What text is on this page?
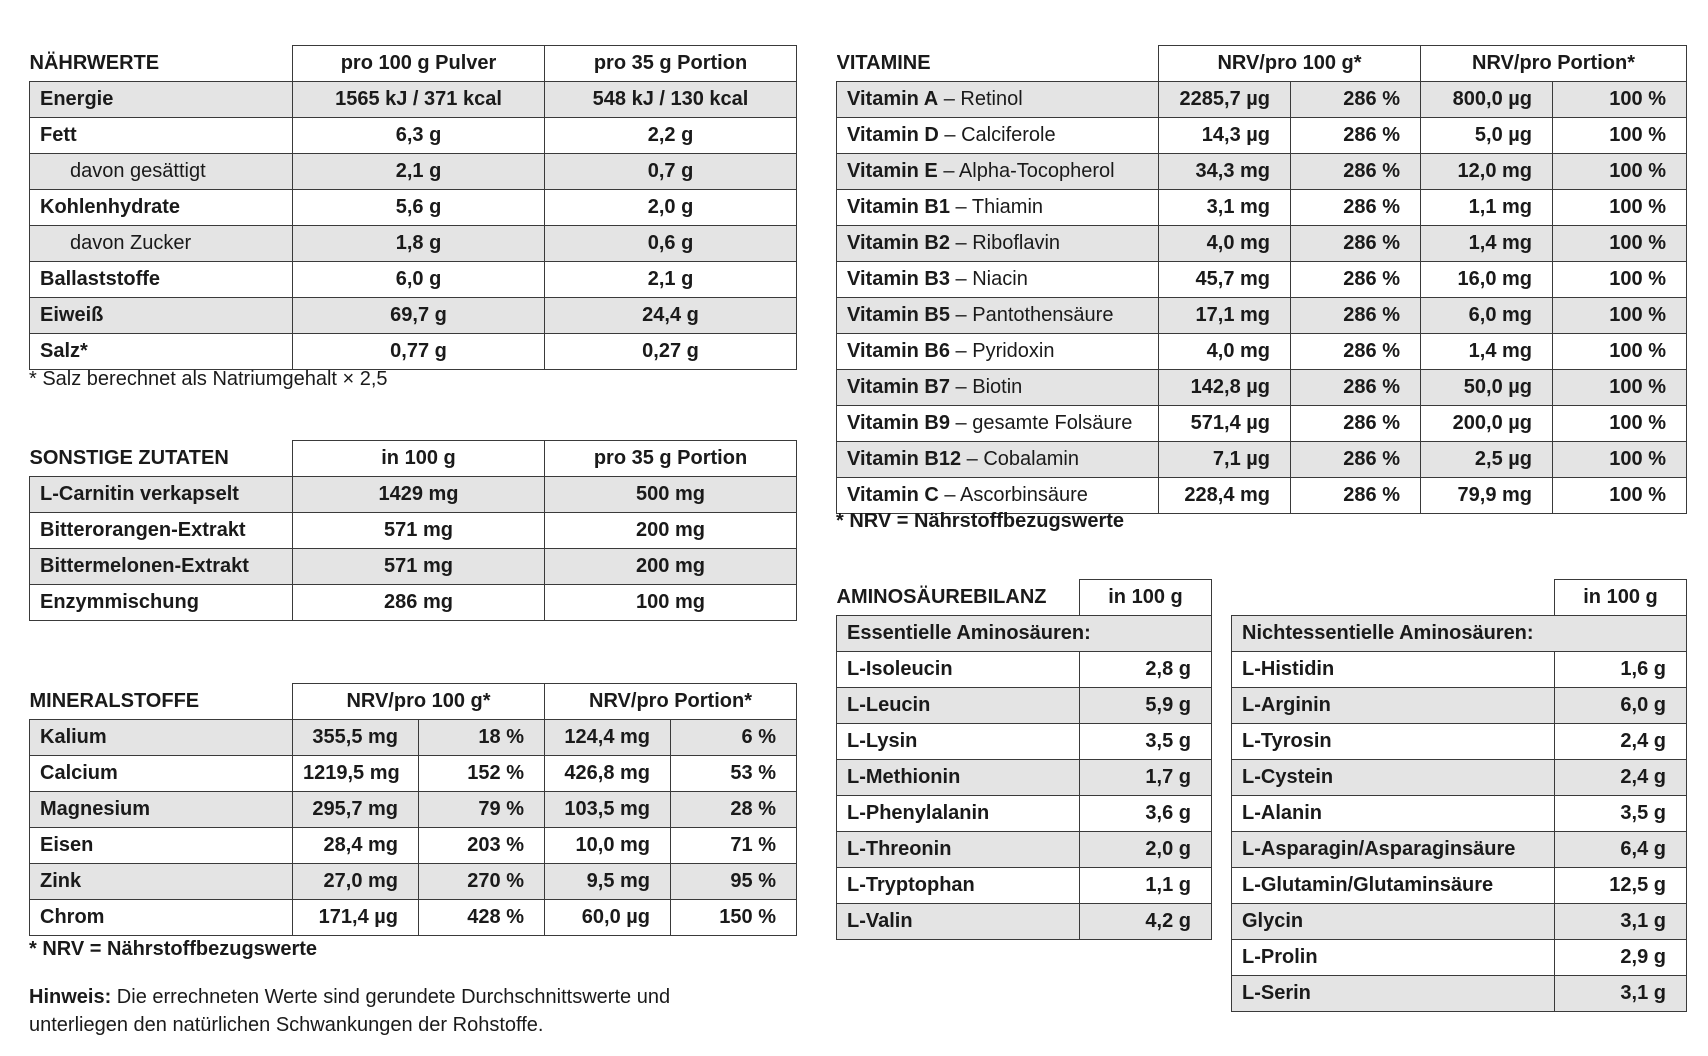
NÄHRWERTE	pro 100 g Pulver	pro 35 g Portion
Energie	1565 kJ / 371 kcal	548 kJ / 130 kcal
Fett	6,3 g	2,2 g
davon gesättigt	2,1 g	0,7 g
Kohlenhydrate	5,6 g	2,0 g
davon Zucker	1,8 g	0,6 g
Ballaststoffe	6,0 g	2,1 g
Eiweiß	69,7 g	24,4 g
Salz*	0,77 g	0,27 g
* Salz berechnet als Natriumgehalt × 2,5
SONSTIGE ZUTATEN	in 100 g	pro 35 g Portion
L-Carnitin verkapselt	1429 mg	500 mg
Bitterorangen-Extrakt	571 mg	200 mg
Bittermelonen-Extrakt	571 mg	200 mg
Enzymmischung	286 mg	100 mg
MINERALSTOFFE	NRV/pro 100 g*		NRV/pro Portion*	
Kalium	355,5 mg	18 %	124,4 mg	6 %
Calcium	1219,5 mg	152 %	426,8 mg	53 %
Magnesium	295,7 mg	79 %	103,5 mg	28 %
Eisen	28,4 mg	203 %	10,0 mg	71 %
Zink	27,0 mg	270 %	9,5 mg	95 %
Chrom	171,4 µg	428 %	60,0 µg	150 %
* NRV = Nährstoffbezugswerte
Hinweis: Die errechneten Werte sind gerundete Durchschnittswerte und
unterliegen den natürlichen Schwankungen der Rohstoffe.
VITAMINE	NRV/pro 100 g*		NRV/pro Portion*	
Vitamin A – Retinol	2285,7 µg	286 %	800,0 µg	100 %
Vitamin D – Calciferole	14,3 µg	286 %	5,0 µg	100 %
Vitamin E – Alpha-Tocopherol	34,3 mg	286 %	12,0 mg	100 %
Vitamin B1 – Thiamin	3,1 mg	286 %	1,1 mg	100 %
Vitamin B2 – Riboflavin	4,0 mg	286 %	1,4 mg	100 %
Vitamin B3 – Niacin	45,7 mg	286 %	16,0 mg	100 %
Vitamin B5 – Pantothensäure	17,1 mg	286 %	6,0 mg	100 %
Vitamin B6 – Pyridoxin	4,0 mg	286 %	1,4 mg	100 %
Vitamin B7 – Biotin	142,8 µg	286 %	50,0 µg	100 %
Vitamin B9 – gesamte Folsäure	571,4 µg	286 %	200,0 µg	100 %
Vitamin B12 – Cobalamin	7,1 µg	286 %	2,5 µg	100 %
Vitamin C – Ascorbinsäure	228,4 mg	286 %	79,9 mg	100 %
* NRV = Nährstoffbezugswerte
AMINOSÄUREBILANZ	in 100 g
Essentielle Aminosäuren:	
L-Isoleucin	2,8 g
L-Leucin	5,9 g
L-Lysin	3,5 g
L-Methionin	1,7 g
L-Phenylalanin	3,6 g
L-Threonin	2,0 g
L-Tryptophan	1,1 g
L-Valin	4,2 g
	in 100 g
Nichtessentielle Aminosäuren:	
L-Histidin	1,6 g
L-Arginin	6,0 g
L-Tyrosin	2,4 g
L-Cystein	2,4 g
L-Alanin	3,5 g
L-Asparagin/Asparaginsäure	6,4 g
L-Glutamin/Glutaminsäure	12,5 g
Glycin	3,1 g
L-Prolin	2,9 g
L-Serin	3,1 g
